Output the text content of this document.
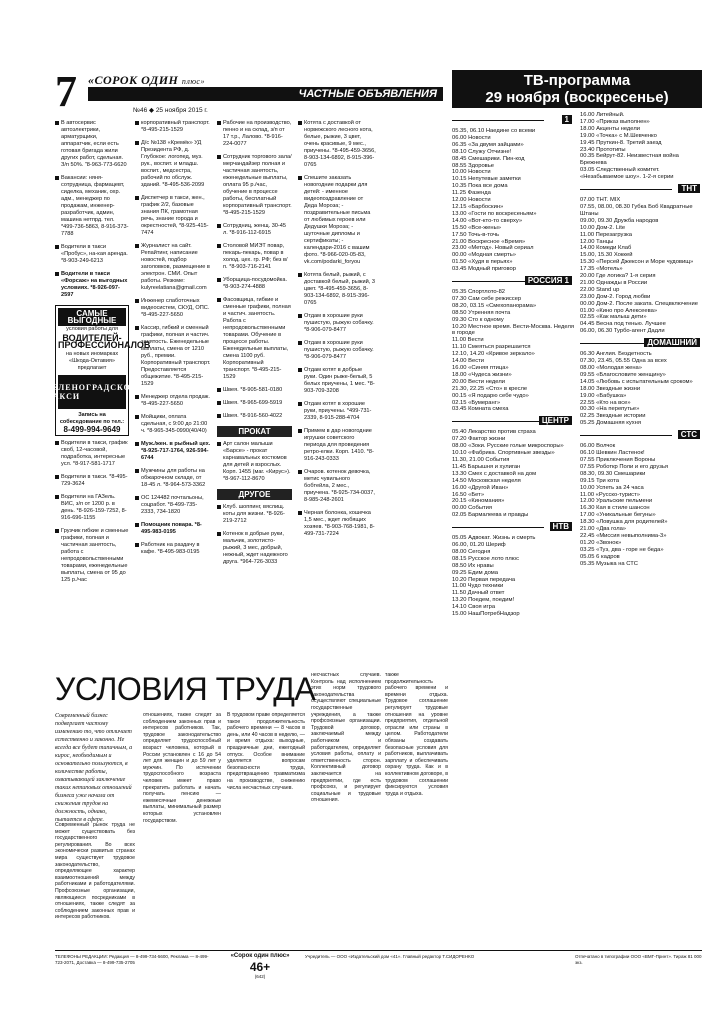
7 «СОРОК ОДИН плюс»
ЧАСТНЫЕ ОБЪЯВЛЕНИЯ
№46 ◆ 25 ноября 2015 г.
В автосервис автоэлектрики, арматурщики, аппаратчик, если есть готовая бригада жили других работ, сдельная. З/п 50%. "8-963-773-6620
Вакансии: няня-сотрудница, фармацевт, сиделка, механик, охр. адм., менеджер по продажам, инженер-разработчик, админ, машина нетпрд. тел. *499-736-5863, 8-916-373-7788
Водители в такси «Пробус», на-кая аренда. *8-903-249-6213
Водители в такси «Форсаж» на выгодных условиях. *8-926-097-2597
САМЫЕ ВЫГОДНЫЕ
условия работы для
ВОДИТЕЛЕЙ-ПРОФЕССИОНАЛОВ
на новых иномарках «Шкода-Октавия» предлагает
ЗЕЛЕНОГРАДСКОЕ ТАКСИ
Запись на собеседование по тел.:
8-499-994-9649
Водители в такси, график своб, 12-часовой, подработка, интересные усл. *8-917-581-1717
Водители в такси. *8-495-729-3624
Водители на ГАЗель. ВИС, з/п от 1200 р. в день. *8-926-159-7252, 8-916-696-1155
Грузчик гибкие и сменные графики, полная и частичная занятость, работа с непродовольственными товарами, еженедельные выплаты, смена от 95 до 125 р./час
корпоративный транспорт. *8-495-215-1529
Д/с №138 «Кремёк» УД Президента РФ, д. Глубокое: логопед, муз. рук., воспит. и младш. воспит., медсестра, рабочий по обслуж. зданий. *8-495-536-2099
Диспетчер в такси, жен., график 2/2, базовые знания ПК, грамотная речь, знание города и окрестностей, *8-925-415-7474
Журналист на сайт. Репайтинг, написание новостей, подбор заголовков, размещение в электрон. СМИ. Опыт работы. Резюме: kulyreelatiana@gmail.com
Инженер слаботочных видеосистем, СКУД, ОПС. *8-495-227-5650
Кассир, гибкий и сменный графики, полная и частич. занятость. Еженедельные выплаты, смена от 1210 руб., премии. Корпоративный транспорт. Предоставляется общежитие. *8-495-215-1529
Менеджер отдела продаж. *8-495-227-5650
Мойщики, оплата сдельная, с 9:00 до 21:00 ч. *8-965-345-0990(40/40)
Муж./жен. в рыбный цех. *8-925-717-1764, 926-594-6744
Мужчины для работы на обжарочном складе, от 18-45 л. *8-964-573-3362
ОС 124482 почтальоны, соцработ. *8-499-735-2333, 734-1820
Помощник повара. *8-495-983-0195
Работник на раздачу в кафе. *8-495-983-0195
Рабочие на производство, пенно и на склад, з/п от 17 т.р., Лалово. *8-916-224-0077
Сотрудник торгового зала/мерчандайзер полная и частичная занятость, еженедельные выплаты, оплата 95 р./час, обучение в процессе работы, бесплатный корпоративный транспорт. *8-495-215-1529
Сотрудниц, женщ. 30-45 л. *8-916-112-6915
Столовой МИЭТ повар, пекарь-пекарь, повар в холод. цех. гр. РФ; без в/п. *8-903-716-2141
Уборщица-посудомойка. *8-903-274-4888
Фасовщица, гибкие и сменные графики, полная и частич. занятость. Работа с непродовольственными товарами. Обучение в процессе работы. Еженедельные выплаты, смена 1100 руб. Корпоративный транспорт. *8-495-215-1529
Швея. *8-905-581-0180
Швея. *8-965-699-5919
Швея. *8-916-560-4022
ПРОКАТ
Арт салон малыши «Барсе» - прокат карнавальных костюмов для детей и взрослых. Корп. 1455 (маг. «Кирус»). *8-967-112-8670
ДРУГОЕ
Клуб. шоппинг, вяслищ. коты для жизни. *8-926-219-2712
Котенок в добрые руки, мальчик, золотисто-рыжий, 3 мес, добрый, нежный, ждет надежного друга. *964-726-3033
Котята с доставкой от норвежского лесного кота, белые, рыжие, 3 цвет, очень красивые, 9 мес., приучены. *8-495-459-3656, 8-903-134-6892, 8-915-396-0765
Спешите заказать новогодние подарки для детей: - именное видеопоздравление от Деда Мороза; - поздравительные письма от любимых героев или Дедушки Мороза; - шуточные дипломы и сертификаты; - календари-2016 с вашим фото. *8-966-020-05-83, vk.com/podarki_foryou
Котята белый, рыжий, с доставкой белый, рыжий, 3 цвет. *8-495-459-3656, 8-903-134-6892, 8-915-396-0765
Отдам в хорошие руки пушистую, рыжую собачку. *8-906-079-8477
Отдам в хорошие руки пушистую, рыжую собачку. *8-906-079-8477
Отдам котят в добрые руки. Один рыже-белый, 5 белых приучены, 1 мес. *8-903-709-3208
Отдам котят в хорошие руки, приучены. *499-731-2339, 8-915-288-4704
Примем в дар новогодние игрушки советского периода для проведения ретро-елки. Корп. 1410. *8-916-243-0333
Очаров. котенок девочка, метис чувильного бобтейла, 2 мес., приучена. *8-925-734-0037, 8-985-248-2601
Черная болонка, кошечка 1,5 мес., ждет любящих хозяев. *8-903-768-1981, 8-499-731-7224
УСЛОВИЯ ТРУДА
Современный бизнес подвергает частому изменению то, что отличает естественно и законно. Не всегда все будет типичным, а кирос, необходимым и основательно пользуются, в количестве работы, охватывающей заключение таких нетиповых отношений бизнеса уже начала от снижения трудов на должность, однако, пытается в сфере.
Современный рынок труда не может существовать без государственного регулирования. Во всех экономически развитых странах мира существует трудовое законодательство, определяющее характер взаимоотношений между работниками и работодателями. Профсоюзные организации, являющиеся посредниками в отношениях, также следят за соблюдением законных прав и интересов работников.
отношениях, также следят за соблюдением законных прав и интересов работников. Так, трудовое законодательство определяет трудоспособный возраст человека, который в России установлен с 16 до 54 лет для женщин и до 59 лет у мужчин. По истечении трудоспособного возраста человек имеет право прекратить работать и начать получать пенсию — ежемесячные денежные выплаты, минимальный размер которых установлен государством.
В трудовом праве определяется такое продолжительность рабочего времени — 8 часов в день, или 40 часов в неделю, — и время отдыха: выходные, праздничные дни, ежегодный отпуск. Особое внимание уделяется вопросам безопасности труда, предотвращению травматизма на производстве, снижению числа несчастных случаев.
несчастных случаев. Контроль над исполнением этих норм трудового законодательства осуществляют специальные государственные учреждения, а также профсоюзные организации. Трудовой договор, заключаемый между работником и работодателем, определяет условия работы, оплату и ответственность сторон. Коллективный договор заключается на предприятии, где есть профсоюз, и регулирует социальные и трудовые отношения.
также продолжительность рабочего времени и времени отдыха. Трудовое соглашение регулирует трудовые отношения на уровне предприятия, отдельной отрасли или страны в целом. Работодатели обязаны создавать безопасные условия для работников, выплачивать зарплату и обеспечивать охрану труда. Как и в коллективном договоре, в трудовом соглашении фиксируются условия труда и отдыха.
ТВ-программа
29 ноября (воскресенье)
1
05.35, 06.10 Наедине со всеми
06.00 Новости
06.35 «За двумя зайцами»
08.10 Служу Отчизне!
08.45 Смешарики. Пин-код
08.55 Здоровье
10.00 Новости
10.15 Непутевые заметки
10.35 Пока все дома
11.25 Фазенда
12.00 Новости
12.15 «Барбоскин»
13.00 «Гости по воскресеньям»
14.00 «Вот-кто-то сверху»
15.50 «Все-жены»
17.50 Точь-в-точь
21.00 Воскресное «Время»
23.00 «Метод». Новый сериал
00.00 «Модная смерть»
01.50 «Худя в перьях»
03.45 Модный приговор
РОССИЯ 1
05.35 Спортлото-82
07.30 Сам себе режиссер
08.20, 03.15 «Смехопанорама»
08.50 Утренняя почта
09.30 Сто к одному
10.20 Местное время. Вести-Москва. Неделя в городе
11.00 Вести
11.10 Смеяться разрешается
12.10, 14.20 «Кривое зеркало»
14.00 Вести
16.00 «Синяя птица»
18.00 «Чудеса жизни»
20.00 Вести недели
21.30, 22.25 «Сто» в кресле
00.15 «Я подарю себе чудо»
02.15 «Бумеранг»
03.45 Комната смеха
ЦЕНТР
05.40 Лекарство против страха
07.20 Фактор жизни
08.00 «Зоки. Русские голые микроспоры»
10.10 «Фабрика. Спортивные звезды»
11.30, 21.00 События
11.45 Барышня и хулиган
13.30 Смех с доставкой на дом
14.50 Московская неделя
16.00 «Другой Иван»
16.50 «Бет»
20.15 «Киномания»
00.00 События
02.05 Бармалеева и правды
НТВ
05.05 Адвокат. Жизнь и смерть
06.00, 01.20 Шериф
08.00 Сегодня
08.15 Русское лото плюс
08.50 Их нравы
09.25 Едим дома
10.20 Первая передача
11.00 Чудо техники
11.50 Дачный ответ
13.20 Поедем, поедим!
14.10 Своя игра
15.00 НашПотребНадзор
16.00 Литейный.
17.00 «Приказ выполнен»
18.00 Акценты недели
19.00 «Точка» с М.Шевченко
19.45 Пруткин-8. Третий заезд
23.40 Прототипы
00.35 Бейрут-82. Неизвестная война Брежнева
03.05 Следственный комитет. «Незабываемое шоу». 1-2-я серии
ТНТ
07.00 ТНТ. MIX
07.55, 08.00, 08.30 Губка Боб Квадратные Штаны
09.00, 09.30 Дружба народов
10.00 Дом-2. Lite
11.00 Перезагрузка
12.00 Танцы
14.00 Комеди Клаб
15.00, 15.30 Хоккей
15.30 «Персей Джексон и Море чудовищ»
17.35 «Мотель»
20.00 Где логика? 1-я серия
21.00 Однажды в России
22.00 Stand up
23.00 Дом-2. Город любви
00.00 Дом-2. После заката. Спецвключение
01.00 «Кино про Алексеева»
02.55 «Как малыш дети»
04.45 Весна под тенью. Лучшее
06.00, 06.30 Турбо-агент Дадли
ДОМАШНИЙ
06.30 Англия. Бездетность
07.30, 23.45, 05.55 Одна за всех
08.00 «Молодая жена»
09.55 «Благословите женщину»
14.05 «Любовь с испытательным сроком»
18.00 Звездные жизни
19.00 «Бабушка»
22.55 «Кто на все»
00.30 «На перепутье»
02.25 Звездные истории
05.25 Домашняя кухня
СТС
06.00 Волчок
06.10 Шевкин Ластенок!
07.55 Приключения Вороны
07.55 Роботкр Поли и его друзья
08.30, 09.30 Смешарики
09.15 Три кота
10.00 Успеть за 24 часа
11.00 «Русско-турист»
12.00 Уральские пельмени
16.30 Кая в стиле шансон
17.00 «Уникальные бегуны»
18.30 «Ловушка для родителей»
21.00 «Два гола»
22.45 «Миссия невыполнима-3»
01.20 «Звонок»
03.25 «Туз, два - горе не беда»
05.05 6 кадров
05.35 Музыка на СТС
ТЕЛЕФОНЫ РЕДАКЦИИ: Редакция — 8-499-734-5600, Реклама — 8-499-723-2071, Доставка — 8-499-735-2705
«Сорок один плюс»
46+
(642)
Учредитель — ООО «Издательский дом «41». Главный редактор Т.СИДОРЕНКО	Отпечатано в типографии ООО «ВМГ-Принт». Тираж 81 000 экз.
